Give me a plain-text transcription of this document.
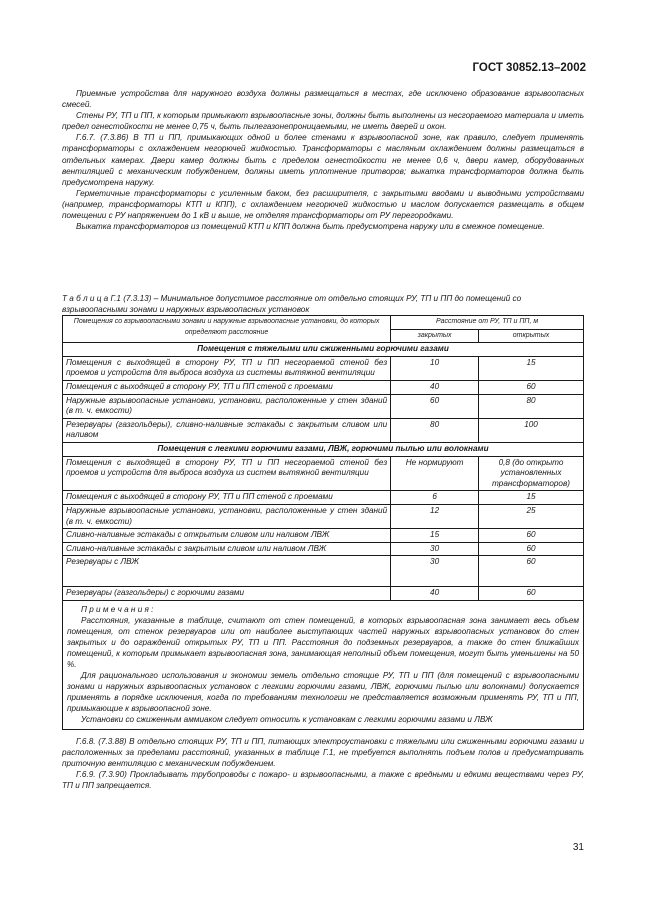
ГОСТ 30852.13–2002

Приемные устройства для наружного воздуха должны размещаться в местах, где исключено образование взрывоопасных смесей.

Стены РУ, ТП и ПП, к которым примыкают взрывоопасные зоны, должны быть выполнены из несгораемого материала и иметь предел огнестойкости не менее 0,75 ч, быть пылегазонепроницаемыми, не иметь дверей и окон.

Г.6.7. (7.3.86) В ТП и ПП, примыкающих одной и более стенами к взрывоопасной зоне, как правило, следует применять трансформаторы с охлаждением негорючей жидкостью. Трансформаторы с масляным охлаждением должны размещаться в отдельных камерах. Двери камер должны быть с пределом огнестойкости не менее 0,6 ч, двери камер, оборудованных вентиляцией с механическим побуждением, должны иметь уплотнение притворов; выкатка трансформаторов должна быть предусмотрена наружу.

Герметичные трансформаторы с усиленным баком, без расширителя, с закрытыми вводами и выводными устройствами (например, трансформаторы КТП и КПП), с охлаждением негорючей жидкостью и маслом допускается размещать в общем помещении с РУ напряжением до 1 кВ и выше, не отделяя трансформаторы от РУ перегородками.

Выкатка трансформаторов из помещений КТП и КПП должна быть предусмотрена наружу или в смежное помещение.

Т а б л и ц а Г.1 (7.3.13) – Минимальное допустимое расстояние от отдельно стоящих РУ, ТП и ПП до помещений со взрывоопасными зонами и наружных взрывоопасных установок
Помещения со взрывоопасными зонами и наружные взрывоопасные установки, до которых определяют расстояние	Расстояние от РУ, ТП и ПП, м	
	закрытых	открытых
Помещения с тяжелыми или сжиженными горючими газами		
Помещения с выходящей в сторону РУ, ТП и ПП несгораемой стеной без проемов и устройств для выброса воздуха из системы вытяжной вентиляции	10	15
Помещения с выходящей в сторону РУ, ТП и ПП стеной с проемами	40	60
Наружные взрывоопасные установки, установки, расположенные у стен зданий (в т. ч. емкости)	60	80
Резервуары (газгольдеры), сливно-наливные эстакады с закрытым сливом или наливом	80	100
Помещения с легкими горючими газами, ЛВЖ, горючими пылью или волокнами		
Помещения с выходящей в сторону РУ, ТП и ПП несгораемой стеной без проемов и устройств для выброса воздуха из систем вытяжной вентиляции	Не нормируют	0,8 (до открыто установленных трансформаторов)
Помещения с выходящей в сторону РУ, ТП и ПП стеной с проемами	6	15
Наружные взрывоопасные установки, установки, расположенные у стен зданий (в т. ч. емкости)	12	25
Сливно-наливные эстакады с открытым сливом или наливом ЛВЖ	15	60
Сливно-наливные эстакады с закрытым сливом или наливом ЛВЖ	30	60
Резервуары с ЛВЖ	30	60
Резервуары (газгольдеры) с горючими газами	40	60

П р и м е ч а н и я :

Расстояния, указанные в таблице, считают от стен помещений, в которых взрывоопасная зона занимает весь объем помещения, от стенок резервуаров или от наиболее выступающих частей наружных взрывоопасных установок до стен закрытых и до ограждений открытых РУ, ТП и ПП. Расстояния до подземных резервуаров, а также до стен ближайших помещений, к которым примыкает взрывоопасная зона, занимающая неполный объем помещения, могут быть уменьшены на 50 %.

Для рационального использования и экономии земель отдельно стоящие РУ, ТП и ПП (для помещений с взрывоопасными зонами и наружных взрывоопасных установок с легкими горючими газами, ЛВЖ, горючими пылью или волокнами) допускается применять в порядке исключения, когда по требованиям технологии не представляется возможным применять РУ, ТП и ПП, примыкающие к взрывоопасной зоне.

Установки со сжиженным аммиаком следует относить к установкам с легкими горючими газами и ЛВЖ

Г.6.8. (7.3.88) В отдельно стоящих РУ, ТП и ПП, питающих электроустановки с тяжелыми или сжиженными горючими газами и расположенных за пределами расстояний, указанных в таблице Г.1, не требуется выполнять подъем полов и предусматривать приточную вентиляцию с механическим побуждением.

Г.6.9. (7.3.90) Прокладывать трубопроводы с пожаро- и взрывоопасными, а также с вредными и едкими веществами через РУ, ТП и ПП запрещается.

31
